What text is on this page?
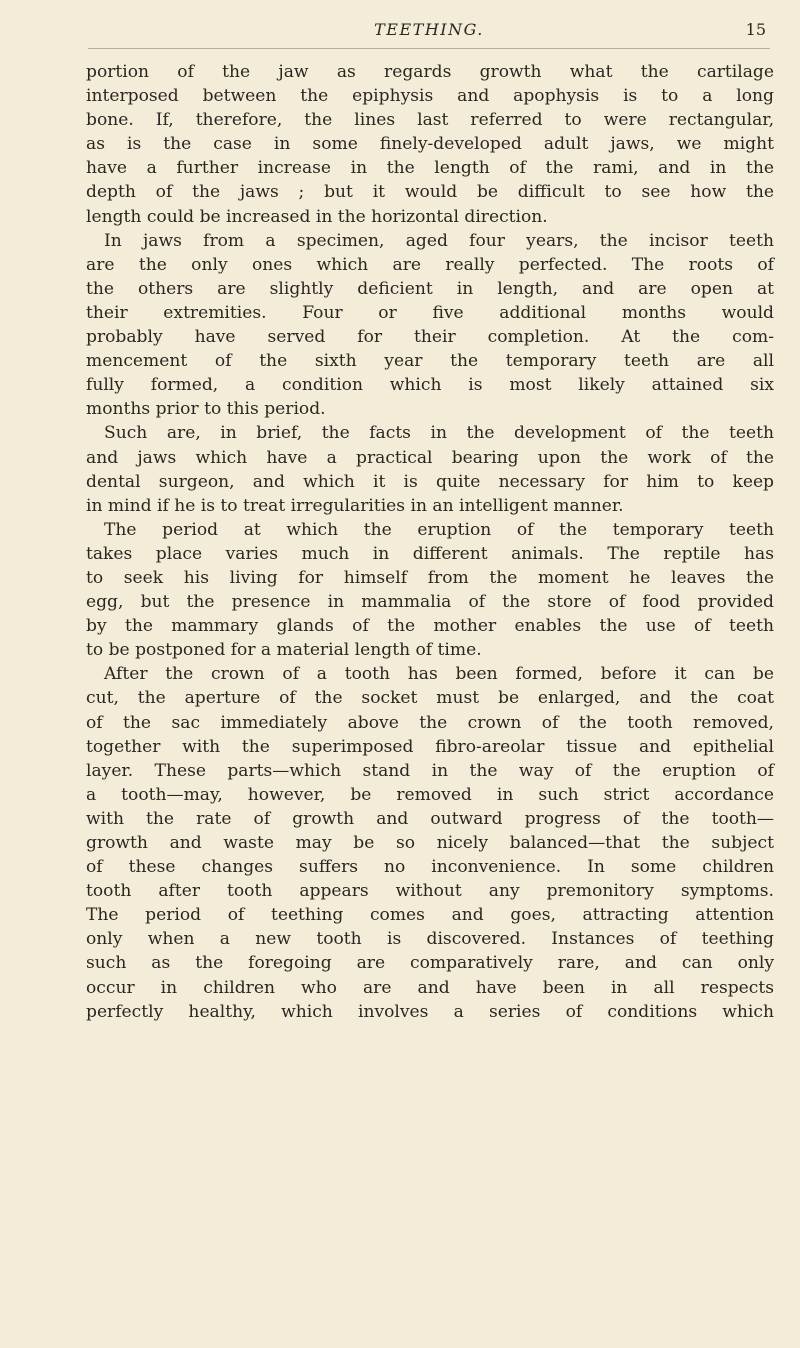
TEETHING.	15
portion of the jaw as regards growth what the cartilage
interposed between the epiphysis and apophysis is to a long
bone. If, therefore, the lines last referred to were rectangular,
as is the case in some finely-developed adult jaws, we might
have a further increase in the length of the rami, and in the
depth of the jaws ; but it would be difficult to see how the
length could be increased in the horizontal direction.
In jaws from a specimen, aged four years, the incisor teeth
are the only ones which are really perfected. The roots of
the others are slightly deficient in length, and are open at
their extremities. Four or five additional months would
probably have served for their completion. At the com-
mencement of the sixth year the temporary teeth are all
fully formed, a condition which is most likely attained six
months prior to this period.
Such are, in brief, the facts in the development of the teeth
and jaws which have a practical bearing upon the work of the
dental surgeon, and which it is quite necessary for him to keep
in mind if he is to treat irregularities in an intelligent manner.
The period at which the eruption of the temporary teeth
takes place varies much in different animals. The reptile has
to seek his living for himself from the moment he leaves the
egg, but the presence in mammalia of the store of food provided
by the mammary glands of the mother enables the use of teeth
to be postponed for a material length of time.
After the crown of a tooth has been formed, before it can be
cut, the aperture of the socket must be enlarged, and the coat
of the sac immediately above the crown of the tooth removed,
together with the superimposed fibro-areolar tissue and epithelial
layer. These parts—which stand in the way of the eruption of
a tooth—may, however, be removed in such strict accordance
with the rate of growth and outward progress of the tooth—
growth and waste may be so nicely balanced—that the subject
of these changes suffers no inconvenience. In some children
tooth after tooth appears without any premonitory symptoms.
The period of teething comes and goes, attracting attention
only when a new tooth is discovered. Instances of teething
such as the foregoing are comparatively rare, and can only
occur in children who are and have been in all respects
perfectly healthy, which involves a series of conditions which
